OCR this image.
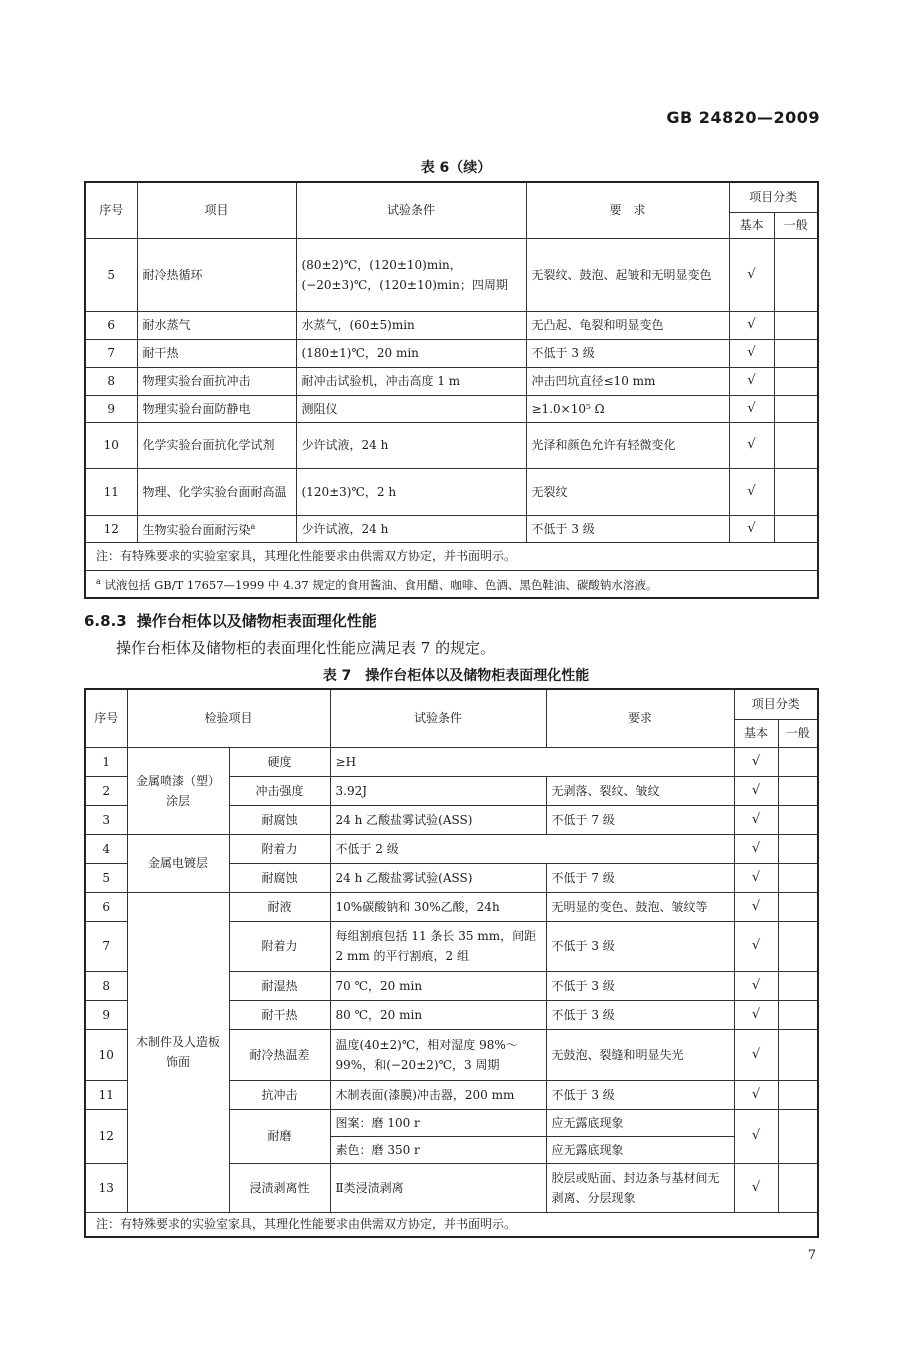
GB 24820—2009
表 6（续）
序号	项目	试验条件	要　求	项目分类	
				基本	一般
5	耐冷热循环	(80±2)℃，(120±10)min，(−20±3)℃，(120±10)min；四周期	无裂纹、鼓泡、起皱和无明显变色	√	
6	耐水蒸气	水蒸气，(60±5)min	无凸起、龟裂和明显变色	√	
7	耐干热	(180±1)℃，20 min	不低于 3 级	√	
8	物理实验台面抗冲击	耐冲击试验机，冲击高度 1 m	冲击凹坑直径≤10 mm	√	
9	物理实验台面防静电	测阻仪	≥1.0×10⁵ Ω	√	
10	化学实验台面抗化学试剂	少许试液，24 h	光泽和颜色允许有轻微变化	√	
11	物理、化学实验台面耐高温	(120±3)℃，2 h	无裂纹	√	
12	生物实验台面耐污染$^a$	少许试液，24 h	不低于 3 级	√	
注：有特殊要求的实验室家具，其理化性能要求由供需双方协定，并书面明示。					
$^a$ 试液包括 GB/T 17657—1999 中 4.37 规定的食用酱油、食用醋、咖啡、色酒、黑色鞋油、碳酸钠水溶液。					
6.8.3 操作台柜体以及储物柜表面理化性能
操作台柜体及储物柜的表面理化性能应满足表 7 的规定。
表 7　操作台柜体以及储物柜表面理化性能
序号	检验项目		试验条件	要求	项目分类	
					基本	一般
1	金属喷漆（塑）涂层	硬度	≥H		√	
2		冲击强度	3.92J	无剥落、裂纹、皱纹	√	
3		耐腐蚀	24 h 乙酸盐雾试验(ASS)	不低于 7 级	√	
4	金属电镀层	附着力	不低于 2 级		√	
5		耐腐蚀	24 h 乙酸盐雾试验(ASS)	不低于 7 级	√	
6	木制件及人造板饰面	耐液	10%碳酸钠和 30%乙酸，24h	无明显的变色、鼓泡、皱纹等	√	
7		附着力	每组割痕包括 11 条长 35 mm，间距 2 mm 的平行割痕，2 组	不低于 3 级	√	
8		耐湿热	70 ℃，20 min	不低于 3 级	√	
9		耐干热	80 ℃，20 min	不低于 3 级	√	
10		耐冷热温差	温度(40±2)℃，相对湿度 98%～99%，和(−20±2)℃，3 周期	无鼓泡、裂缝和明显失光	√	
11		抗冲击	木制表面(漆膜)冲击器，200 mm	不低于 3 级	√	
12		耐磨	图案：磨 100 r	应无露底现象	√	
			素色：磨 350 r	应无露底现象		
13		浸渍剥离性	Ⅱ类浸渍剥离	胶层或贴面、封边条与基材间无剥离、分层现象	√	
注：有特殊要求的实验室家具，其理化性能要求由供需双方协定，并书面明示。						
7
